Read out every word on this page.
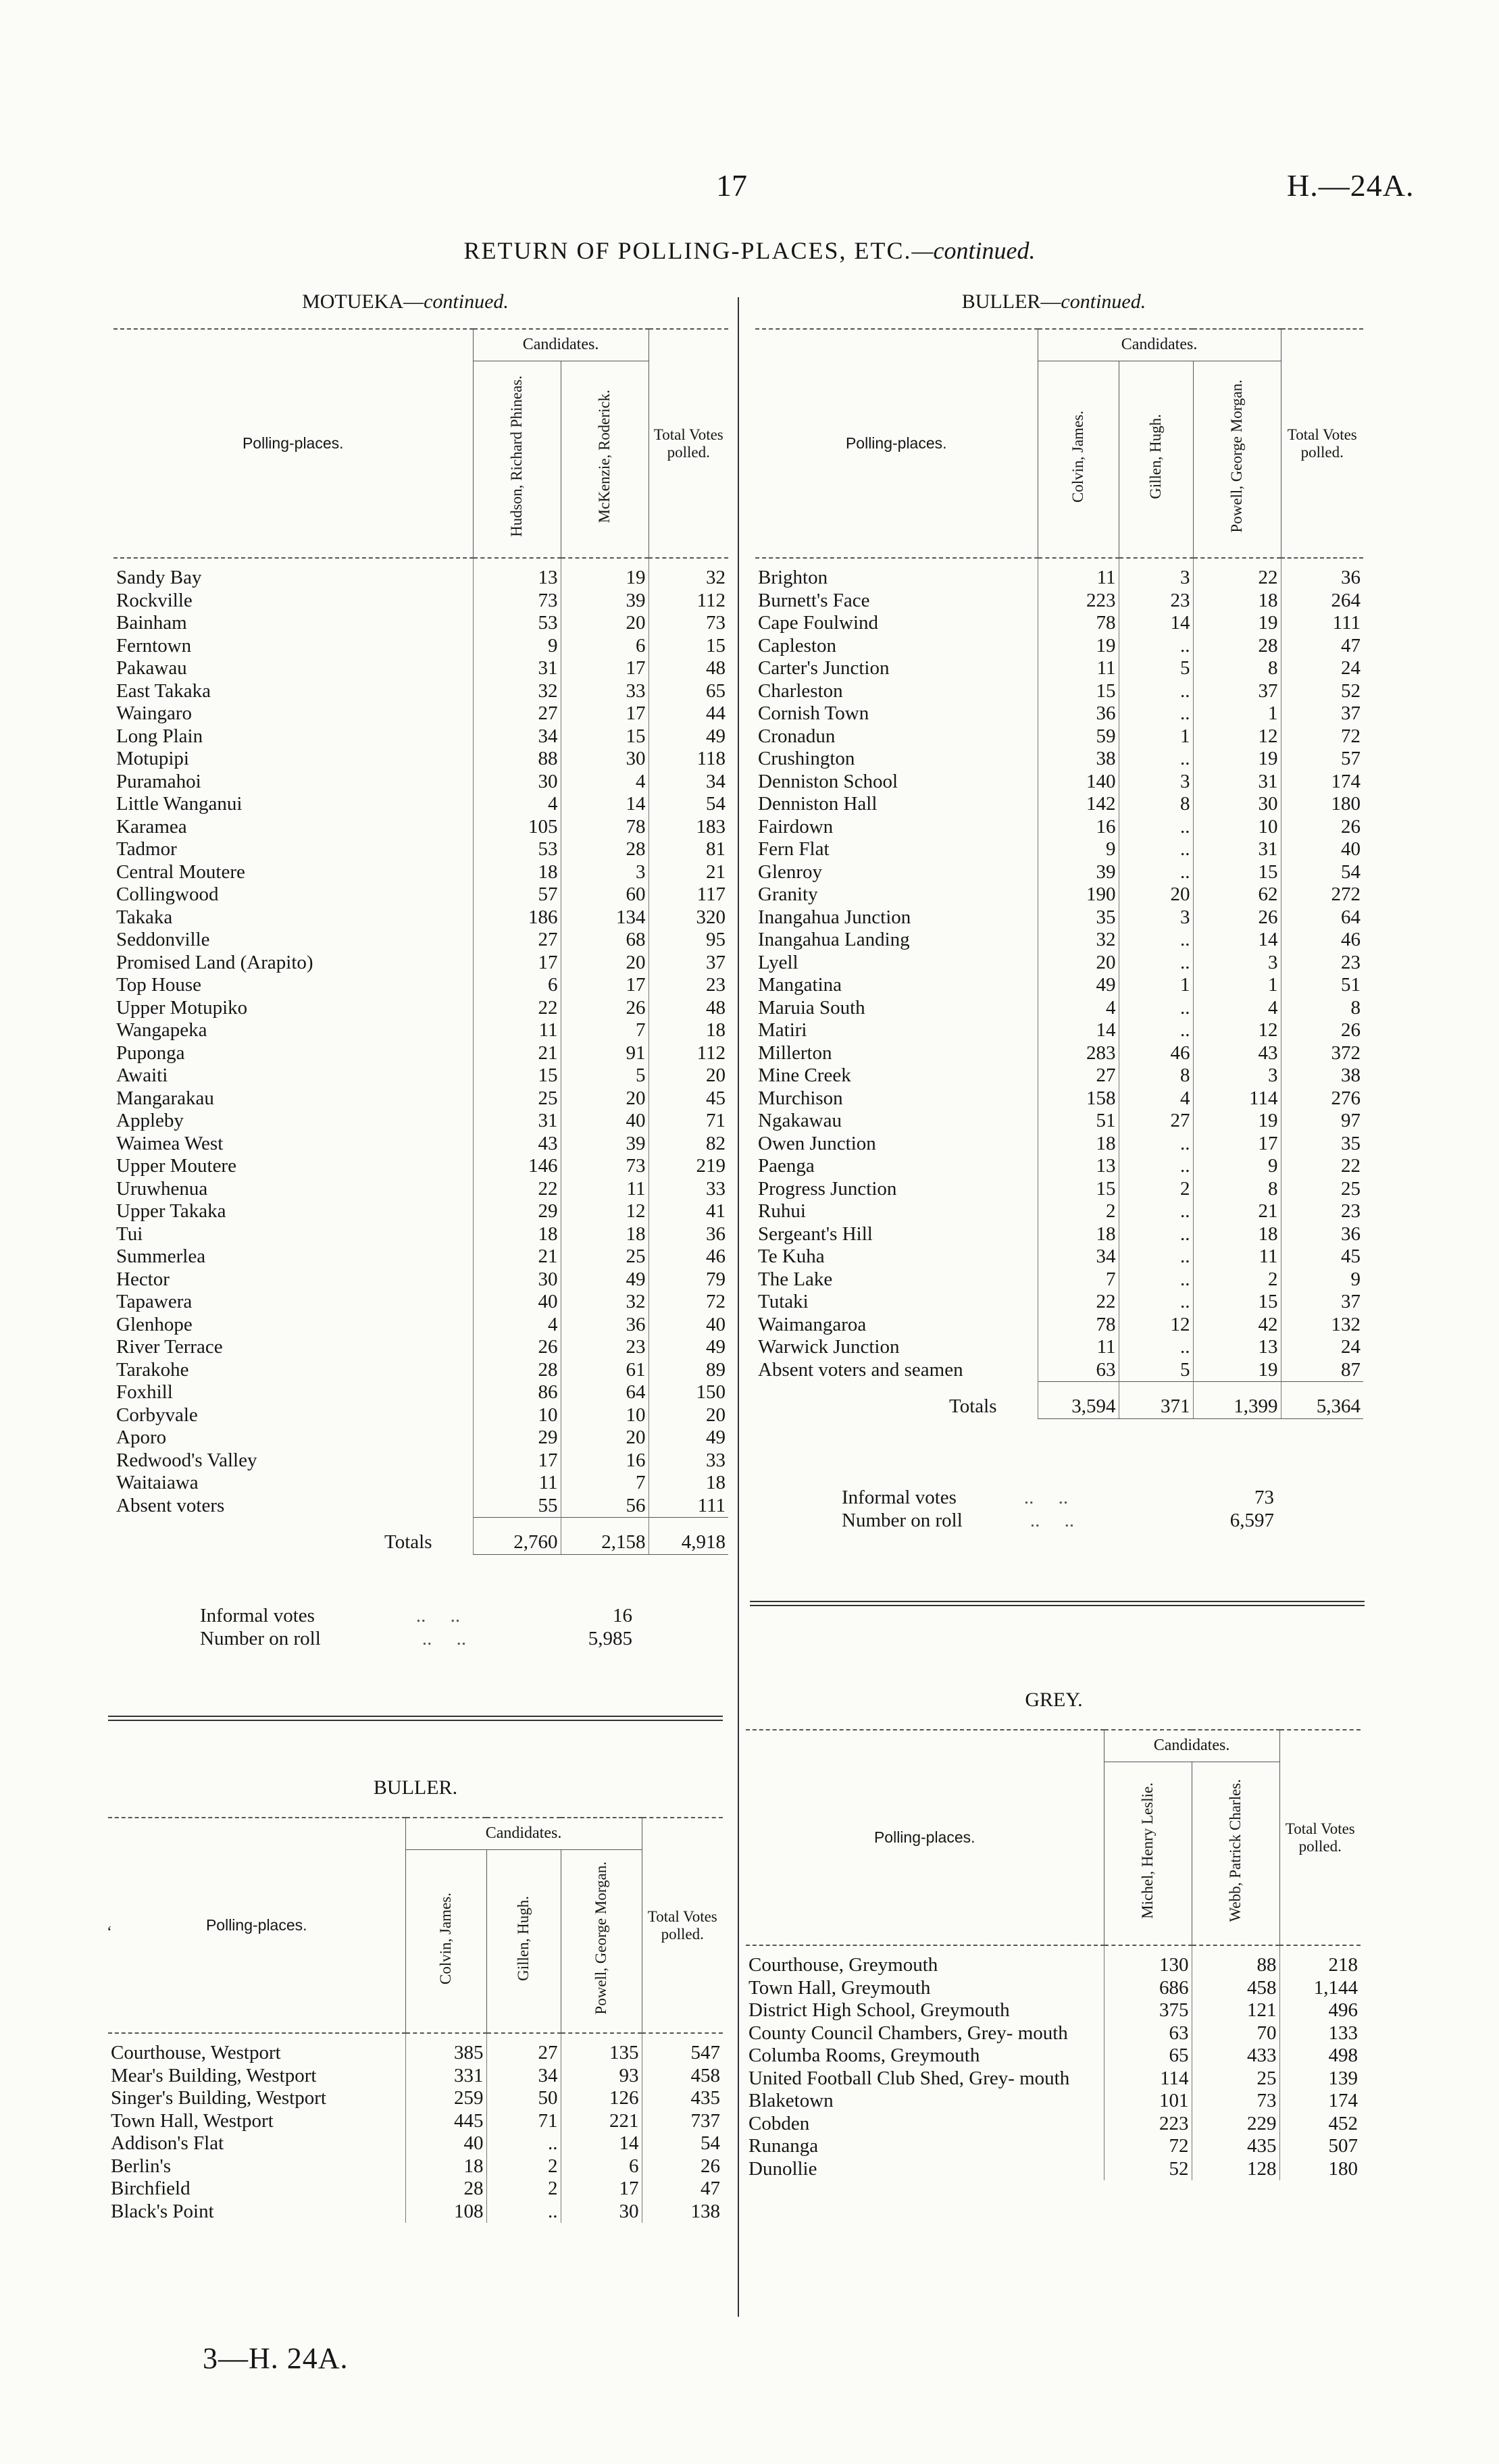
17	H.—24A.
RETURN OF POLLING-PLACES, ETC.—continued.
MOTUEKA—continued.
Polling-places.	Candidates.		Total Votes polled.
	Hudson, Richard Phineas.	McKenzie, Roderick.	
Sandy Bay	13	19	32
Rockville	73	39	112
Bainham	53	20	73
Ferntown	9	6	15
Pakawau	31	17	48
East Takaka	32	33	65
Waingaro	27	17	44
Long Plain	34	15	49
Motupipi	88	30	118
Puramahoi	30	4	34
Little Wanganui	4	14	54
Karamea	105	78	183
Tadmor	53	28	81
Central Moutere	18	3	21
Collingwood	57	60	117
Takaka	186	134	320
Seddonville	27	68	95
Promised Land (Arapito)	17	20	37
Top House	6	17	23
Upper Motupiko	22	26	48
Wangapeka	11	7	18
Puponga	21	91	112
Awaiti	15	5	20
Mangarakau	25	20	45
Appleby	31	40	71
Waimea West	43	39	82
Upper Moutere	146	73	219
Uruwhenua	22	11	33
Upper Takaka	29	12	41
Tui	18	18	36
Summerlea	21	25	46
Hector	30	49	79
Tapawera	40	32	72
Glenhope	4	36	40
River Terrace	26	23	49
Tarakohe	28	61	89
Foxhill	86	64	150
Corbyvale	10	10	20
Aporo	29	20	49
Redwood's Valley	17	16	33
Waitaiawa	11	7	18
Absent voters	55	56	111
Totals	2,760	2,158	4,918
Informal votes	..     ..	16
Number on roll	..     ..	5,985
BULLER—continued.
Polling-places.	Candidates.			Total Votes polled.
	Colvin, James.	Gillen, Hugh.	Powell, George Morgan.	
Brighton	11	3	22	36
Burnett's Face	223	23	18	264
Cape Foulwind	78	14	19	111
Capleston	19	..	28	47
Carter's Junction	11	5	8	24
Charleston	15	..	37	52
Cornish Town	36	..	1	37
Cronadun	59	1	12	72
Crushington	38	..	19	57
Denniston School	140	3	31	174
Denniston Hall	142	8	30	180
Fairdown	16	..	10	26
Fern Flat	9	..	31	40
Glenroy	39	..	15	54
Granity	190	20	62	272
Inangahua Junction	35	3	26	64
Inangahua Landing	32	..	14	46
Lyell	20	..	3	23
Mangatina	49	1	1	51
Maruia South	4	..	4	8
Matiri	14	..	12	26
Millerton	283	46	43	372
Mine Creek	27	8	3	38
Murchison	158	4	114	276
Ngakawau	51	27	19	97
Owen Junction	18	..	17	35
Paenga	13	..	9	22
Progress Junction	15	2	8	25
Ruhui	2	..	21	23
Sergeant's Hill	18	..	18	36
Te Kuha	34	..	11	45
The Lake	7	..	2	9
Tutaki	22	..	15	37
Waimangaroa	78	12	42	132
Warwick Junction	11	..	13	24
Absent voters and seamen	63	5	19	87
Totals	3,594	371	1,399	5,364
Informal votes	..     ..	73
Number on roll	..     ..	6,597
BULLER.
Polling-places.	Candidates.			Total Votes polled.
	Colvin, James.	Gillen, Hugh.	Powell, George Morgan.	
Courthouse, Westport	385	27	135	547
Mear's Building, Westport	331	34	93	458
Singer's Building, Westport	259	50	126	435
Town Hall, Westport	445	71	221	737
Addison's Flat	40	..	14	54
Berlin's	18	2	6	26
Birchfield	28	2	17	47
Black's Point	108	..	30	138
GREY.
Polling-places.	Candidates.		Total Votes polled.
	Michel, Henry Leslie.	Webb, Patrick Charles.	
Courthouse, Greymouth	130	88	218
Town Hall, Greymouth	686	458	1,144
District High School, Greymouth	375	121	496
County Council Chambers, Grey- mouth	63	70	133
Columba Rooms, Greymouth	65	433	498
United Football Club Shed, Grey- mouth	114	25	139
Blaketown	101	73	174
Cobden	223	229	452
Runanga	72	435	507
Dunollie	52	128	180
‘
3—H. 24A.
